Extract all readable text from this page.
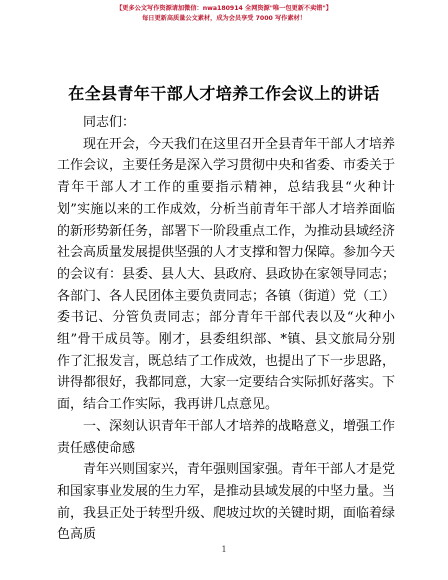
【更多公文写作资源请加微信：nwa180914 全网资源"唯一包更新不卖错"】
每日更新高质量公文素材，成为会员享受 7000 写作素材！
在全县青年干部人才培养工作会议上的讲话

同志们：

现在开会，今天我们在这里召开全县青年干部人才培养工作会议，主要任务是深入学习贯彻中央和省委、市委关于青年干部人才工作的重要指示精神，总结我县“火种计划”实施以来的工作成效，分析当前青年干部人才培养面临的新形势新任务，部署下一阶段重点工作，为推动县域经济社会高质量发展提供坚强的人才支撑和智力保障。参加今天的会议有：县委、县人大、县政府、县政协在家领导同志；各部门、各人民团体主要负责同志；各镇（街道）党（工）委书记、分管负责同志；部分青年干部代表以及“火种小组”骨干成员等。刚才，县委组织部、*镇、县文旅局分别作了汇报发言，既总结了工作成效，也提出了下一步思路，讲得都很好，我都同意，大家一定要结合实际抓好落实。下面，结合工作实际，我再讲几点意见。

一、深刻认识青年干部人才培养的战略意义，增强工作责任感使命感

青年兴则国家兴，青年强则国家强。青年干部人才是党和国家事业发展的生力军，是推动县域发展的中坚力量。当前，我县正处于转型升级、爬坡过坎的关键时期，面临着绿色高质

1
